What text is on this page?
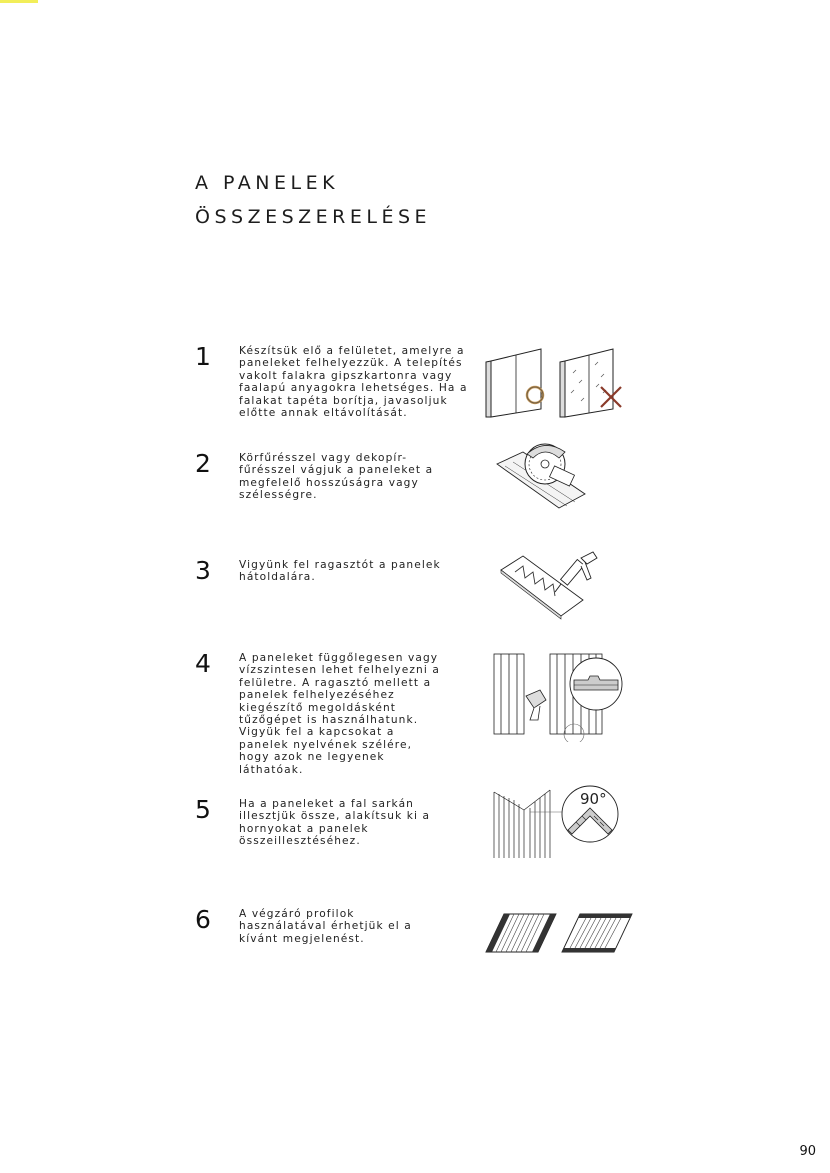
A PANELEK
ÖSSZESZERELÉSE
1	Készítsük elő a felületet, amelyre a
paneleket felhelyezzük. A telepítés
vakolt falakra gipszkartonra vagy
faalapú anyagokra lehetséges. Ha a
falakat tapéta borítja, javasoljuk
előtte annak eltávolítását.
2	Körfűrésszel vagy dekopír-
fűrésszel vágjuk a paneleket a
megfelelő hosszúságra vagy
szélességre.
3	Vigyünk fel ragasztót a panelek
hátoldalára.
4	A paneleket függőlegesen vagy
vízszintesen lehet felhelyezni a
felületre. A ragasztó mellett a
panelek felhelyezéséhez
kiegészítő megoldásként
tűzőgépet is használhatunk.
Vigyük fel a kapcsokat a
panelek nyelvének szélére,
hogy azok ne legyenek
láthatóak.
5	Ha a paneleket a fal sarkán
illesztjük össze, alakítsuk ki a
hornyokat a panelek
összeillesztéséhez.
90°
6	A végzáró profilok
használatával érhetjük el a
kívánt megjelenést.
90
